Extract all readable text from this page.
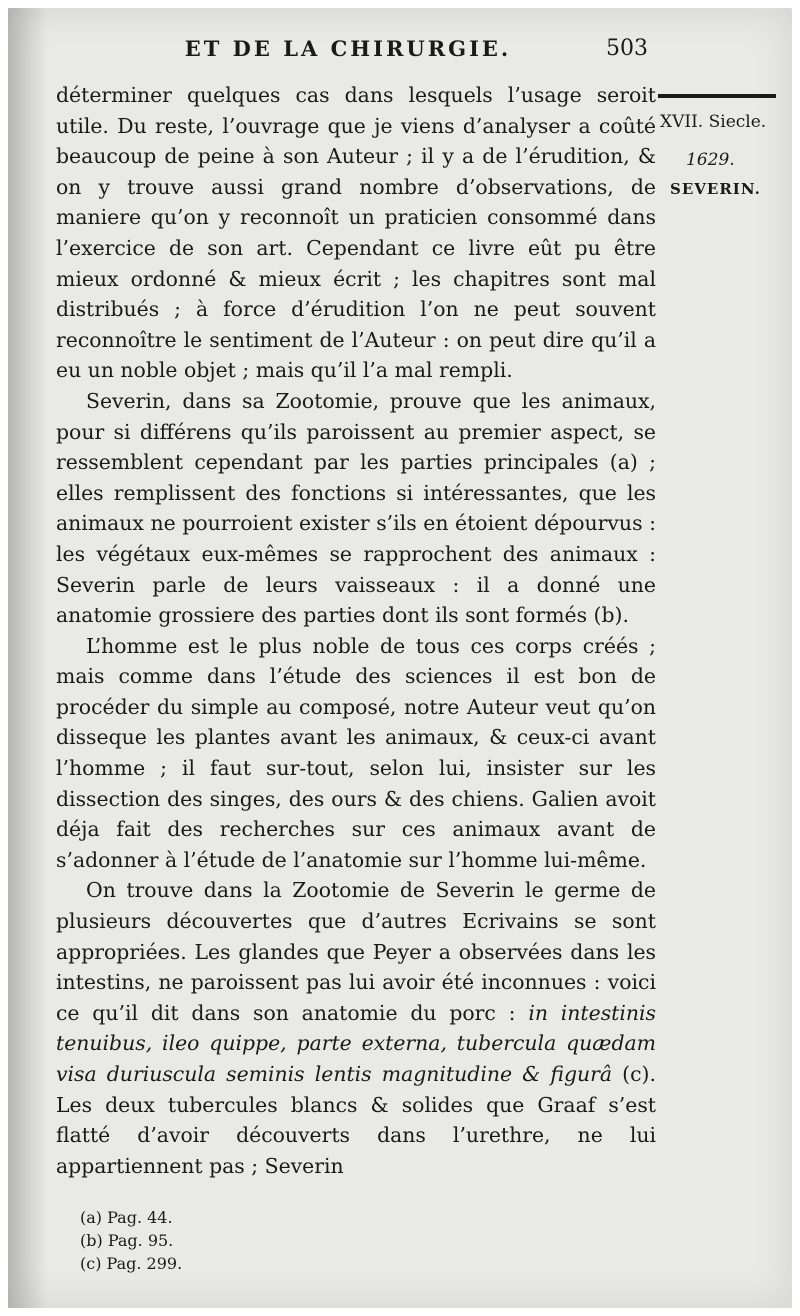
ET DE LA CHIRURGIE.	503
XVII. Siecle.
1629.
SEVERIN.

déterminer quelques cas dans lesquels l’usage seroit utile. Du reste, l’ouvrage que je viens d’analyser a coûté beaucoup de peine à son Auteur ; il y a de l’érudition, & on y trouve aussi grand nombre d’observations, de maniere qu’on y reconnoît un praticien consommé dans l’exercice de son art. Cependant ce livre eût pu être mieux ordonné & mieux écrit ; les chapitres sont mal distribués ; à force d’érudition l’on ne peut souvent reconnoître le sentiment de l’Auteur : on peut dire qu’il a eu un noble objet ; mais qu’il l’a mal rempli.

Severin, dans sa Zootomie, prouve que les animaux, pour si différens qu’ils paroissent au premier aspect, se ressemblent cependant par les parties principales (a) ; elles remplissent des fonctions si intéressantes, que les animaux ne pourroient exister s’ils en étoient dépourvus : les végétaux eux-mêmes se rapprochent des animaux : Severin parle de leurs vaisseaux : il a donné une anatomie grossiere des parties dont ils sont formés (b).

L’homme est le plus noble de tous ces corps créés ; mais comme dans l’étude des sciences il est bon de procéder du simple au composé, notre Auteur veut qu’on disseque les plantes avant les animaux, & ceux-ci avant l’homme ; il faut sur-tout, selon lui, insister sur les dissection des singes, des ours & des chiens. Galien avoit déja fait des recherches sur ces animaux avant de s’adonner à l’étude de l’anatomie sur l’homme lui-même.

On trouve dans la Zootomie de Severin le germe de plusieurs découvertes que d’autres Ecrivains se sont appropriées. Les glandes que Peyer a observées dans les intestins, ne paroissent pas lui avoir été inconnues : voici ce qu’il dit dans son anatomie du porc : in intestinis tenuibus, ileo quippe, parte externa, tubercula quædam visa duriuscula seminis lentis magnitudine & figurâ (c). Les deux tubercules blancs & solides que Graaf s’est flatté d’avoir découverts dans l’urethre, ne lui appartiennent pas ; Severin

(a) Pag. 44.
(b) Pag. 95.
(c) Pag. 299.
